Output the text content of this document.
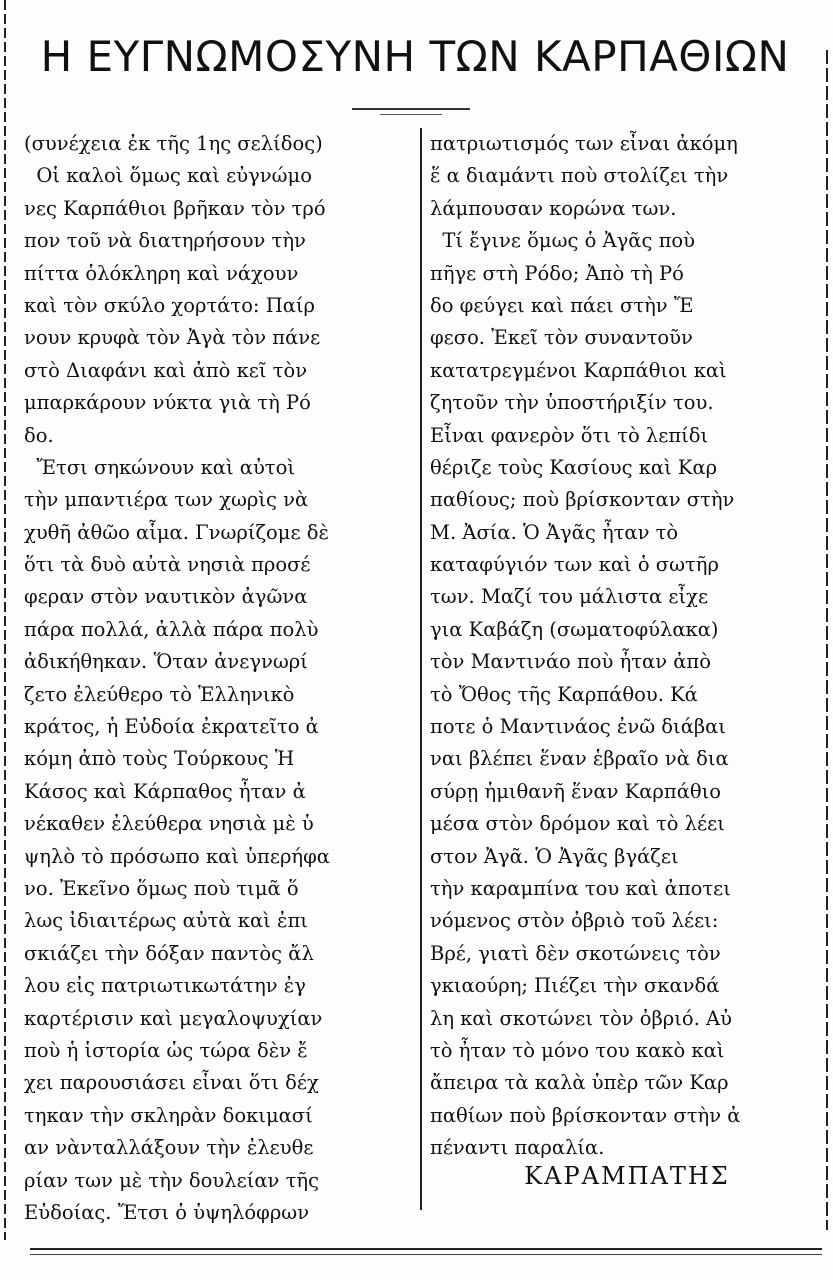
Η ΕΥΓΝΩΜΟΣΥΝΗ ΤΩΝ ΚΑΡΠΑΘΙΩΝ
(συνέχεια ἐκ τῆς 1ης σελίδος)
Οἱ καλοὶ ὅμως καὶ εὐγνώμο
νες Καρπάθιοι βρῆκαν τὸν τρό
πον τοῦ νὰ διατηρήσουν τὴν
πίττα ὁλόκληρη καὶ νάχουν
καὶ τὸν σκύλο χορτάτο: Παίρ
νουν κρυφὰ τὸν Ἀγὰ τὸν πάνε
στὸ Διαφάνι καὶ ἀπὸ κεῖ τὸν
μπαρκάρουν νύκτα γιὰ τὴ Ρό
δο.
Ἔτσι σηκώνουν καὶ αὐτοὶ
τὴν μπαντιέρα των χωρὶς νὰ
χυθῆ ἀθῶο αἷμα. Γνωρίζομε δὲ
ὅτι τὰ δυὸ αὐτὰ νησιὰ προσέ
φεραν στὸν ναυτικὸν ἀγῶνα
πάρα πολλά, ἀλλὰ πάρα πολὺ
ἀδικήθηκαν. Ὅταν ἀνεγνωρί
ζετο ἐλεύθερο τὸ Ἑλληνικὸ
κράτος, ἡ Εὐδοία ἐκρατεῖτο ἀ
κόμη ἀπὸ τοὺς Τούρκους Ἡ
Κάσος καὶ Κάρπαθος ἦταν ἀ
νέκαθεν ἐλεύθερα νησιὰ μὲ ὑ
ψηλὸ τὸ πρόσωπο καὶ ὑπερήφα
νο. Ἐκεῖνο ὅμως ποὺ τιμᾶ ὅ
λως ἰδιαιτέρως αὐτὰ καὶ ἐπι
σκιάζει τὴν δόξαν παντὸς ἄλ
λου εἰς πατριωτικωτάτην ἐγ
καρτέρισιν καὶ μεγαλοψυχίαν
ποὺ ἡ ἱστορία ὡς τώρα δὲν ἔ
χει παρουσιάσει εἶναι ὅτι δέχ
τηκαν τὴν σκληρὰν δοκιμασί
αν νὰνταλλάξουν τὴν ἐλευθε
ρίαν των μὲ τὴν δουλείαν τῆς
Εὐδοίας. Ἔτσι ὁ ὑψηλόφρων
πατριωτισμός των εἶναι ἀκόμη
ἕ α διαμάντι ποὺ στολίζει τὴν
λάμπουσαν κορώνα των.
Τί ἔγινε ὅμως ὁ Ἀγᾶς ποὺ
πῆγε στὴ Ρόδο; Ἀπὸ τὴ Ρό
δο φεύγει καὶ πάει στὴν Ἔ
φεσο. Ἐκεῖ τὸν συναντοῦν
κατατρεγμένοι Καρπάθιοι καὶ
ζητοῦν τὴν ὑποστήριξίν του.
Εἶναι φανερὸν ὅτι τὸ λεπίδι
θέριζε τοὺς Κασίους καὶ Καρ
παθίους; ποὺ βρίσκονταν στὴν
Μ. Ἀσία. Ὁ Ἀγᾶς ἦταν τὸ
καταφύγιόν των καὶ ὁ σωτῆρ
των. Μαζί του μάλιστα εἶχε
για Καβάζη (σωματοφύλακα)
τὸν Μαντινάο ποὺ ἦταν ἀπὸ
τὸ Ὄθος τῆς Καρπάθου. Κά
ποτε ὁ Μαντινάος ἐνῶ διάβαι
ναι βλέπει ἕναν ἑβραῖο νὰ δια
σύρῃ ἡμιθανῆ ἕναν Καρπάθιο
μέσα στὸν δρόμον καὶ τὸ λέει
στον Ἀγᾶ. Ὁ Ἀγᾶς βγάζει
τὴν καραμπίνα του καὶ ἀποτει
νόμενος στὸν ὀβριὸ τοῦ λέει:
Βρέ, γιατὶ δὲν σκοτώνεις τὸν
γκιαούρη; Πιέζει τὴν σκανδά
λη καὶ σκοτώνει τὸν ὀβριό. Αὐ
τὸ ἦταν τὸ μόνο του κακὸ καὶ
ἄπειρα τὰ καλὰ ὑπὲρ τῶν Καρ
παθίων ποὺ βρίσκονταν στὴν ἀ
πέναντι παραλία.
ΚΑΡΑΜΠΑΤΗΣ
